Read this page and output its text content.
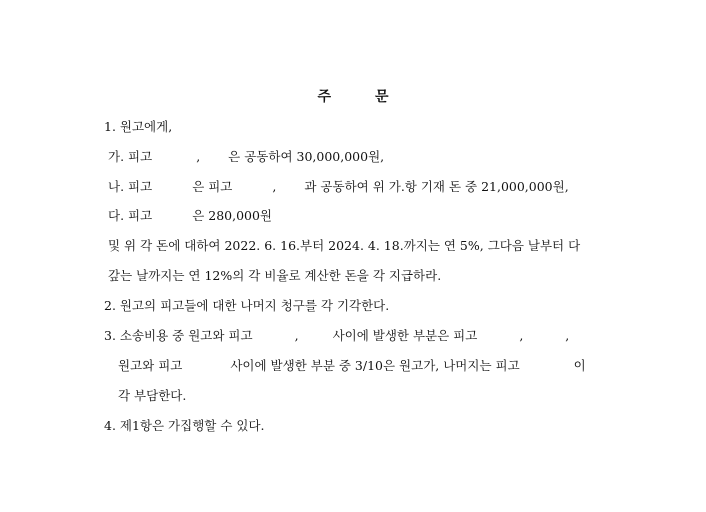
주	문
1. 원고에게,
가. 피고	, 은 공동하여 30,000,000원,
나. 피고	은 피고	, 과 공동하여 위 가.항 기재 돈 중 21,000,000원,
다. 피고	은 280,000원
및 위 각 돈에 대하여 2022. 6. 16.부터 2024. 4. 18.까지는 연 5%, 그다음 날부터 다
갚는 날까지는 연 12%의 각 비율로 계산한 돈을 각 지급하라.
2. 원고의 피고들에 대한 나머지 청구를 각 기각한다.
3. 소송비용 중 원고와 피고	,	사이에 발생한 부분은 피고	,	,
원고와 피고	사이에 발생한 부분 중 3/10은 원고가, 나머지는 피고	이
각 부담한다.
4. 제1항은 가집행할 수 있다.
